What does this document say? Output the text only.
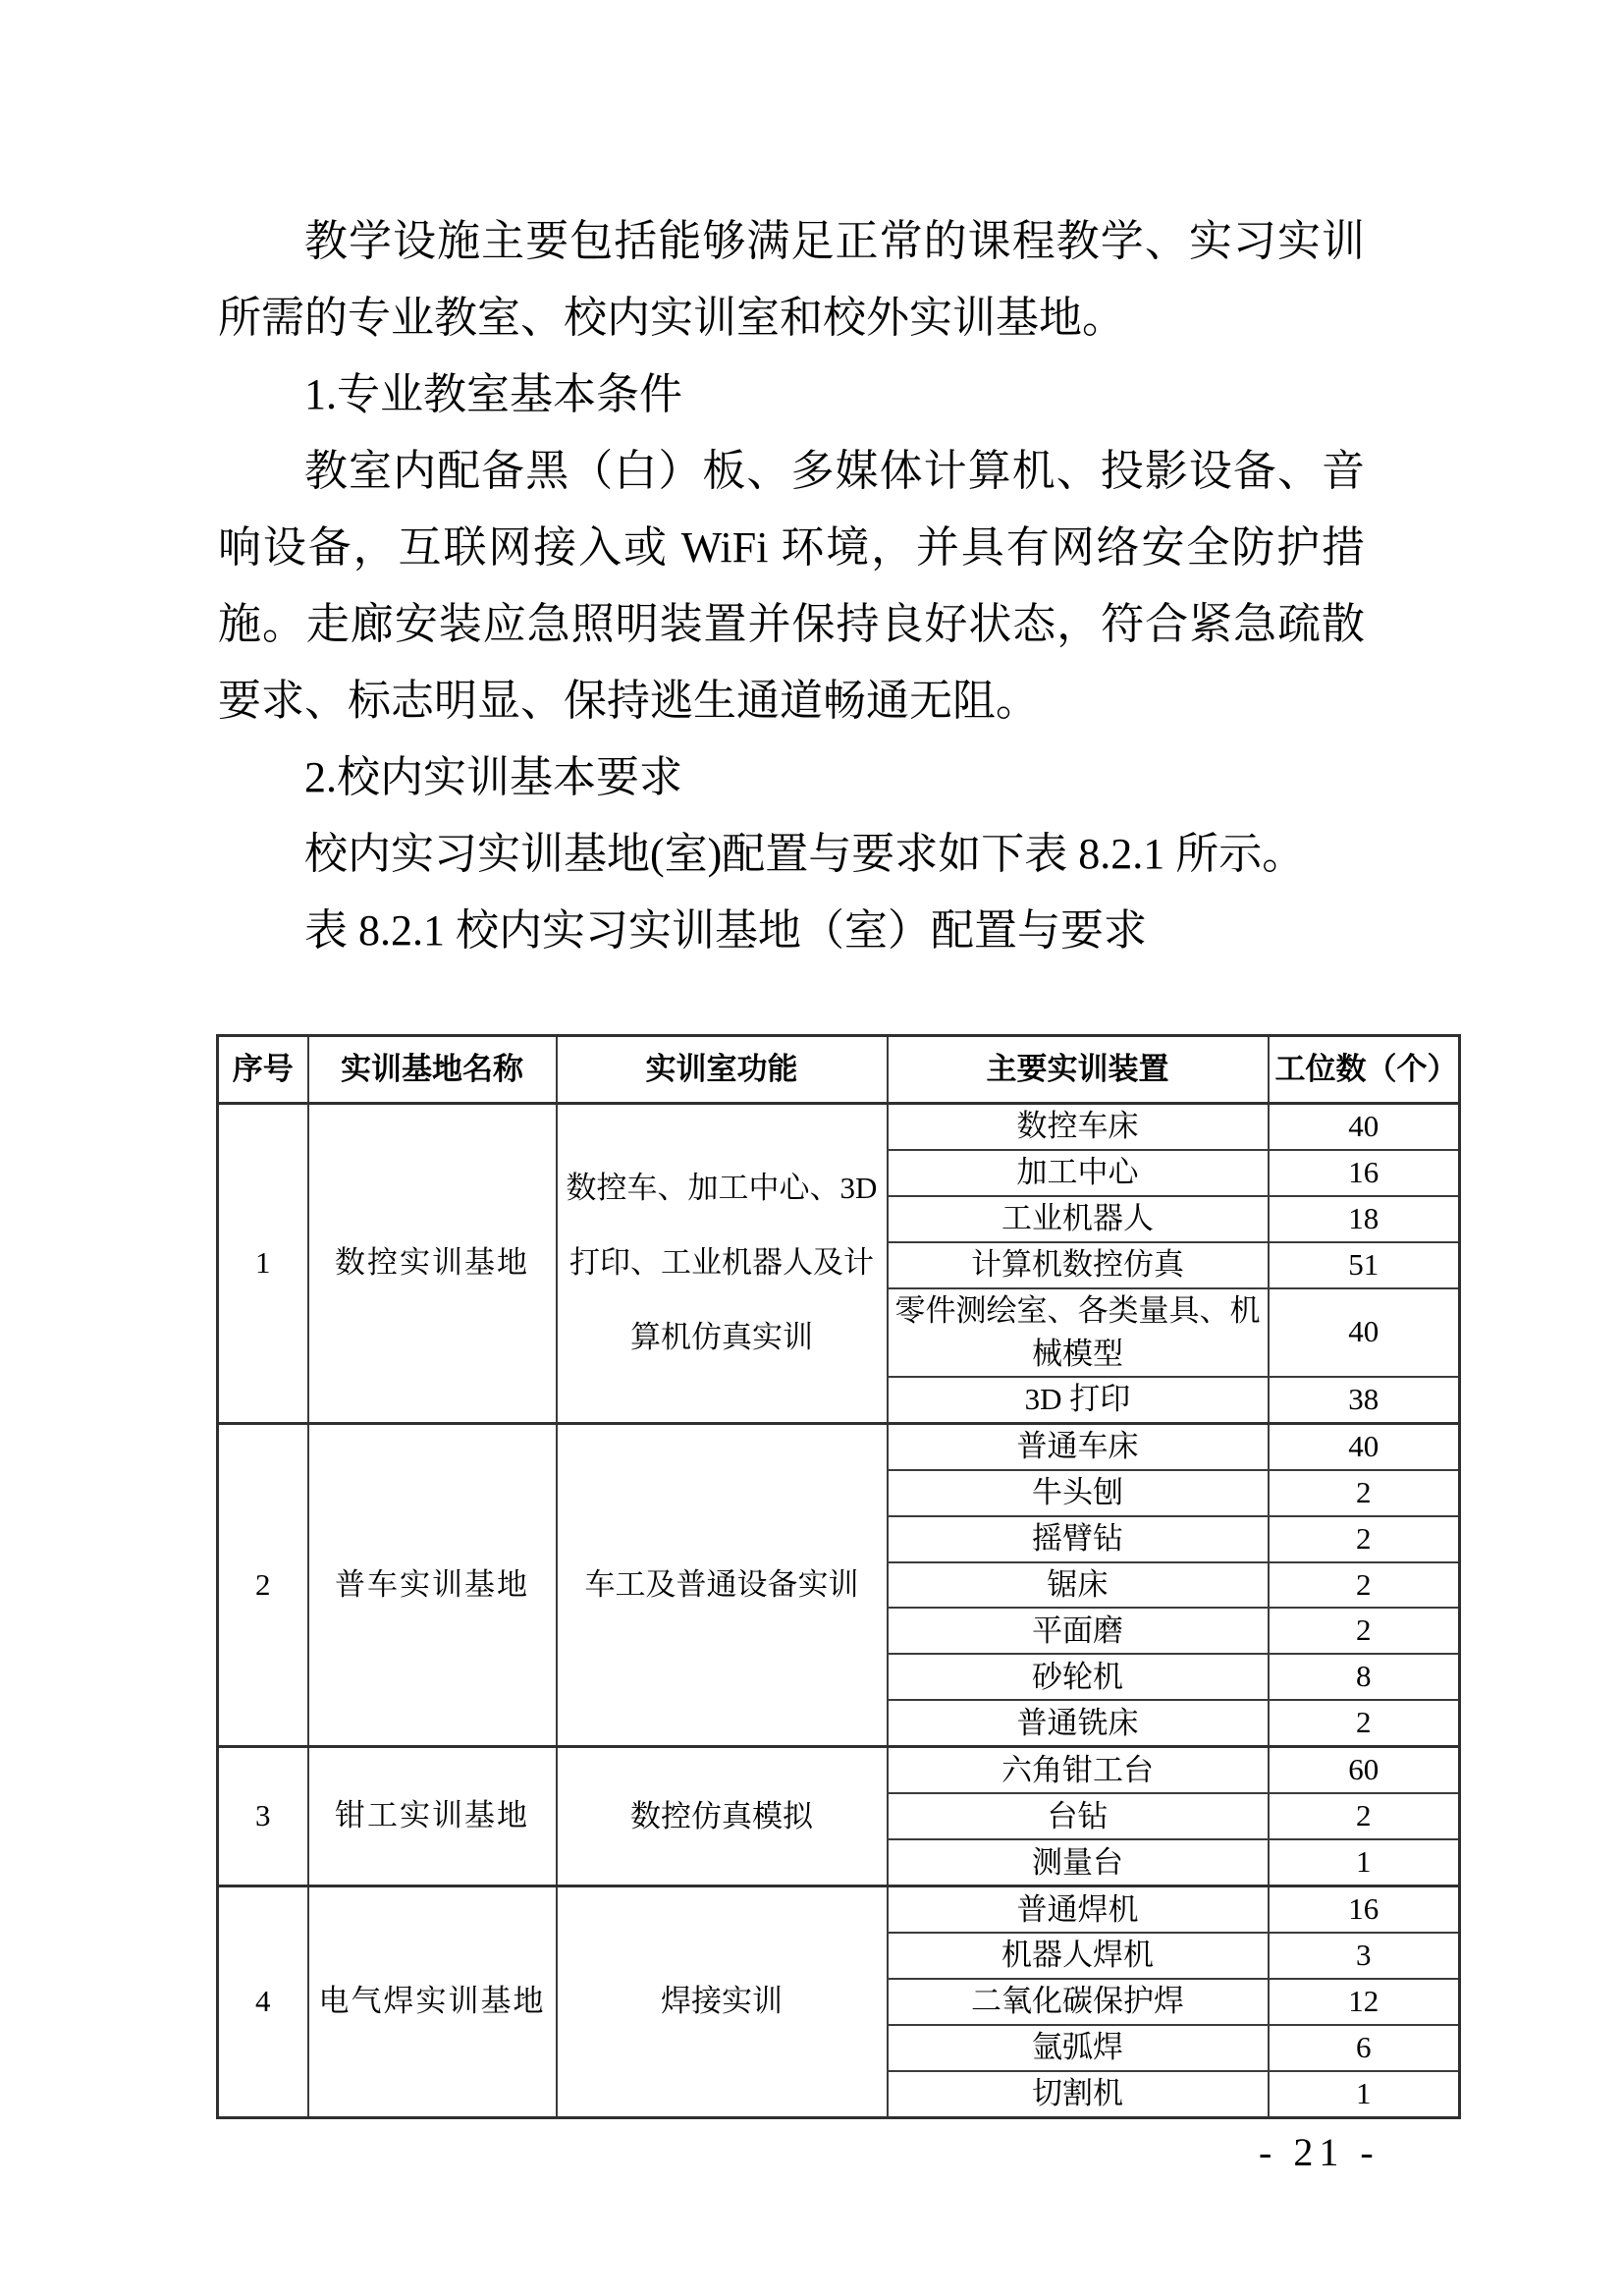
教学设施主要包括能够满足正常的课程教学、实习实训
所需的专业教室、校内实训室和校外实训基地。
1.专业教室基本条件
教室内配备黑（白）板、多媒体计算机、投影设备、音
响设备，互联网接入或 WiFi 环境，并具有网络安全防护措
施。走廊安装应急照明装置并保持良好状态，符合紧急疏散
要求、标志明显、保持逃生通道畅通无阻。
2.校内实训基本要求
校内实习实训基地(室)配置与要求如下表 8.2.1 所示。
表 8.2.1 校内实习实训基地（室）配置与要求
序号	实训基地名称	实训室功能	主要实训装置	工位数（个）
1	数控实训基地	数控车、加工中心、3D打印、工业机器人及计算机仿真实训	数控车床	40
			加工中心	16
			工业机器人	18
			计算机数控仿真	51
			零件测绘室、各类量具、机械模型	40
			3D 打印	38
2	普车实训基地	车工及普通设备实训	普通车床	40
			牛头刨	2
			摇臂钻	2
			锯床	2
			平面磨	2
			砂轮机	8
			普通铣床	2
3	钳工实训基地	数控仿真模拟	六角钳工台	60
			台钻	2
			测量台	1
4	电气焊实训基地	焊接实训	普通焊机	16
			机器人焊机	3
			二氧化碳保护焊	12
			氩弧焊	6
			切割机	1
- 21 -
